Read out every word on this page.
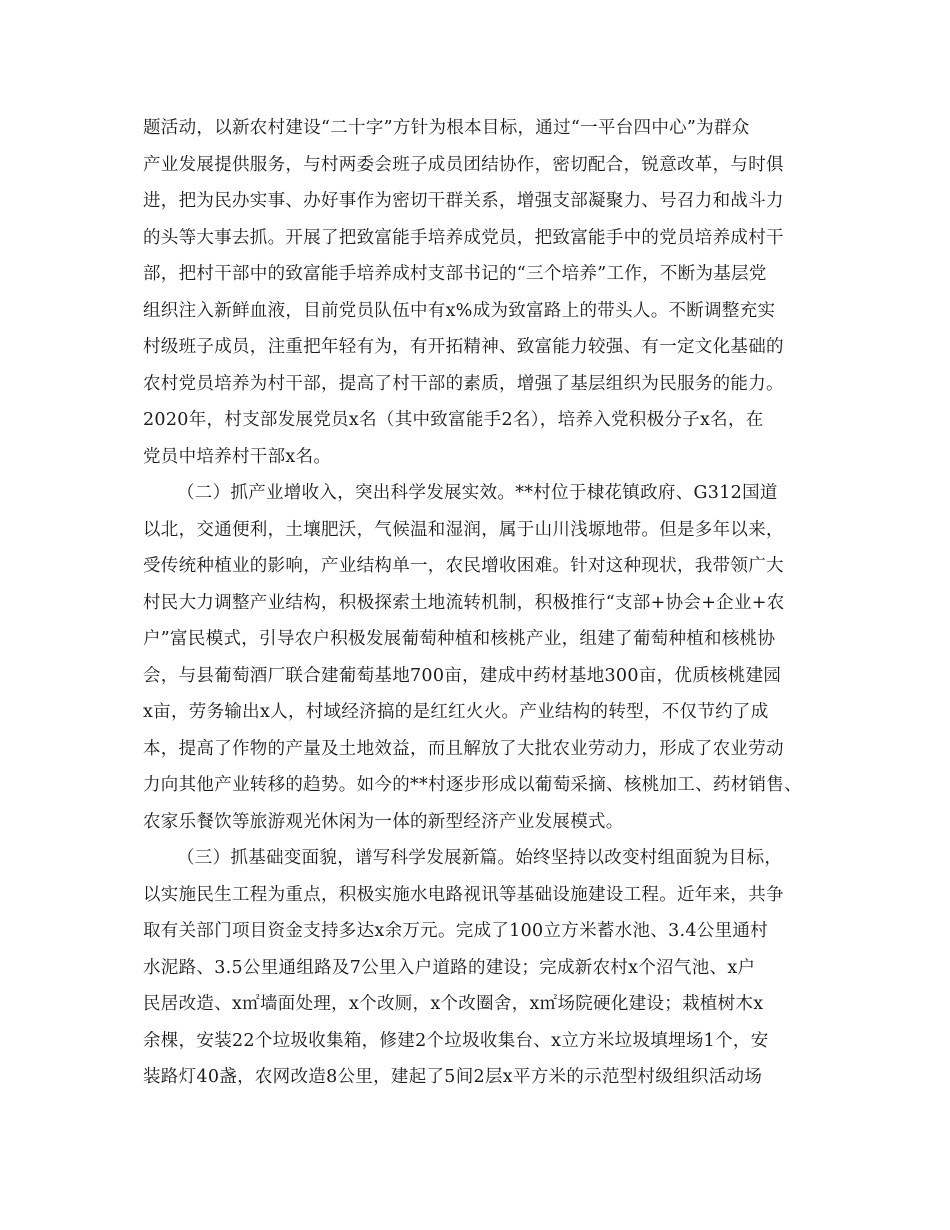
题活动，以新农村建设“二十字”方针为根本目标，通过“一平台四中心”为群众
产业发展提供服务，与村两委会班子成员团结协作，密切配合，锐意改革，与时俱
进，把为民办实事、办好事作为密切干群关系，增强支部凝聚力、号召力和战斗力
的头等大事去抓。开展了把致富能手培养成党员，把致富能手中的党员培养成村干
部，把村干部中的致富能手培养成村支部书记的“三个培养”工作，不断为基层党
组织注入新鲜血液，目前党员队伍中有x%成为致富路上的带头人。不断调整充实
村级班子成员，注重把年轻有为，有开拓精神、致富能力较强、有一定文化基础的
农村党员培养为村干部，提高了村干部的素质，增强了基层组织为民服务的能力。
2020年，村支部发展党员x名（其中致富能手2名），培养入党积极分子x名，在
党员中培养村干部x名。
（二）抓产业增收入，突出科学发展实效。**村位于棣花镇政府、G312国道
以北，交通便利，土壤肥沃，气候温和湿润，属于山川浅塬地带。但是多年以来，
受传统种植业的影响，产业结构单一，农民增收困难。针对这种现状，我带领广大
村民大力调整产业结构，积极探索土地流转机制，积极推行“支部+协会+企业+农
户”富民模式，引导农户积极发展葡萄种植和核桃产业，组建了葡萄种植和核桃协
会，与县葡萄酒厂联合建葡萄基地700亩，建成中药材基地300亩，优质核桃建园
x亩，劳务输出x人，村域经济搞的是红红火火。产业结构的转型，不仅节约了成
本，提高了作物的产量及土地效益，而且解放了大批农业劳动力，形成了农业劳动
力向其他产业转移的趋势。如今的**村逐步形成以葡萄采摘、核桃加工、药材销售、
农家乐餐饮等旅游观光休闲为一体的新型经济产业发展模式。
（三）抓基础变面貌，谱写科学发展新篇。始终坚持以改变村组面貌为目标，
以实施民生工程为重点，积极实施水电路视讯等基础设施建设工程。近年来，共争
取有关部门项目资金支持多达x余万元。完成了100立方米蓄水池、3.4公里通村
水泥路、3.5公里通组路及7公里入户道路的建设；完成新农村x个沼气池、x户
民居改造、x㎡墙面处理，x个改厕，x个改圈舍，x㎡场院硬化建设；栽植树木x
余棵，安装22个垃圾收集箱，修建2个垃圾收集台、x立方米垃圾填埋场1个，安
装路灯40盏，农网改造8公里，建起了5间2层x平方米的示范型村级组织活动场
